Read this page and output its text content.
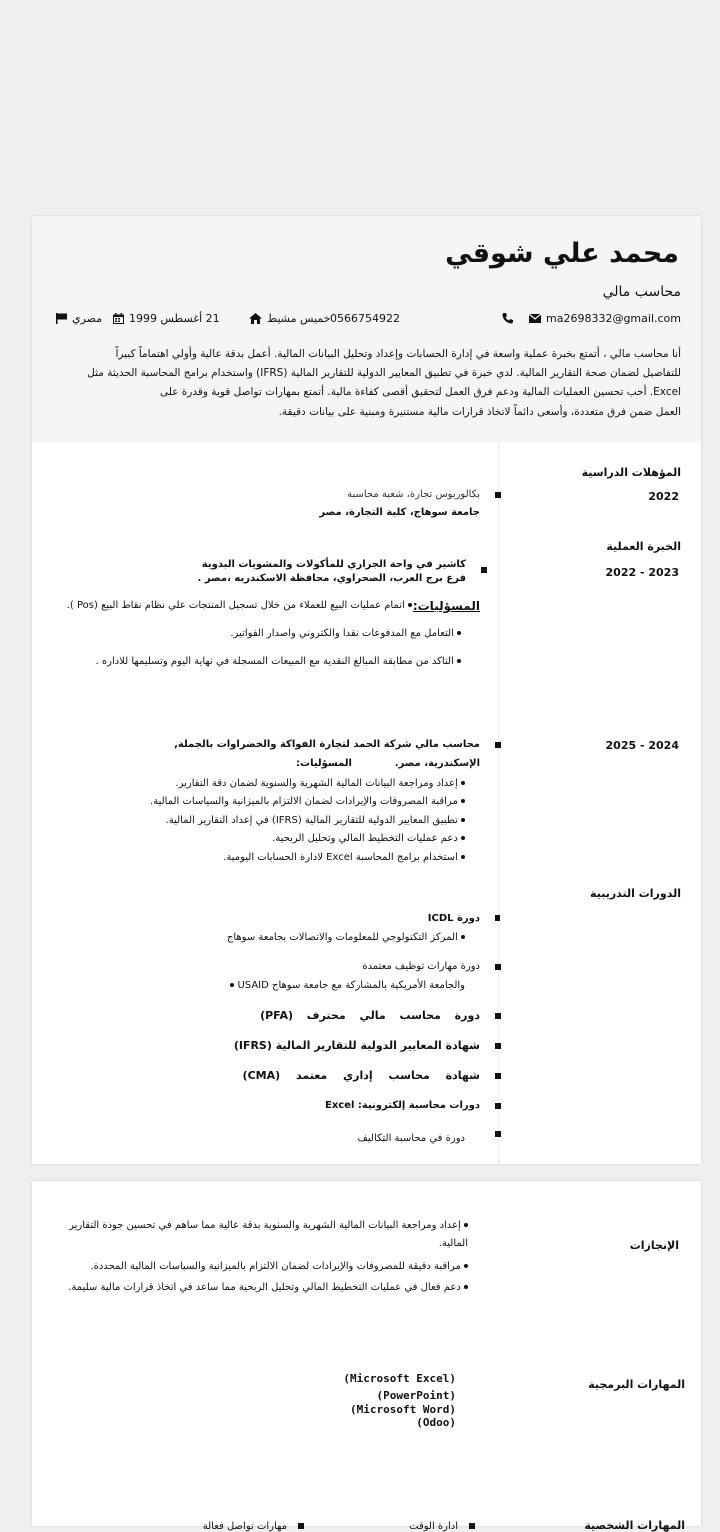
محمد علي شوقي
محاسب مالي
ma2698332@gmail.com
0566754922
خميس مشيط
21 أغسطس 1999
مصري
أنا محاسب مالي ، أتمتع بخبرة عملية واسعة في إدارة الحسابات وإعداد وتحليل البيانات المالية. أعمل بدقة عالية وأولي اهتماماً كبيراً
للتفاصيل لضمان صحة التقارير المالية. لدي خبرة في تطبيق المعايير الدولية للتقارير المالية (IFRS) واستخدام برامج المحاسبة الحديثة مثل
Excel. أحب تحسين العمليات المالية ودعم فرق العمل لتحقيق أقصى كفاءة مالية. أتمتع بمهارات تواصل قوية وقدرة على
العمل ضمن فرق متعددة، وأسعى دائماً لاتخاذ قرارات مالية مستنيرة ومبنية على بيانات دقيقة.
المؤهلات الدراسية
2022
بكالوريوس تجارة، شعبة محاسبة
جامعة سوهاج، كلية التجارة، مصر
الخبرة العملية
2022 - 2023
كاشير في واحة الجراري للمأكولات والمشويات البدوية
فرع برج العرب، الصحراوي، محافظة الاسكندريه ،مصر .
المسؤليات:
اتمام عمليات البيع للعملاء من خلال تسجيل المنتجات علي نظام نقاط البيع (Pos ).
التعامل مع المدفوعات نقدا والكتروني واصدار الفواتير.
التاكد من مطابقة المبالغ النقدية مع المبيعات المسجلة في نهاية اليوم وتسليمها للاداره .
2025 - 2024
محاسب مالي شركة الحمد لتجارة الفواكة والخضراوات بالجملة,
الإسكندرية، مصر.
المسؤليات:
إعداد ومراجعة البيانات المالية الشهرية والسنوية لضمان دقة التقارير.
مراقبة المصروفات والإيرادات لضمان الالتزام بالميزانية والسياسات المالية.
تطبيق المعايير الدولية للتقارير المالية (IFRS) في إعداد التقارير المالية.
دعم عمليات التخطيط المالي وتحليل الربحية.
استخدام برامج المحاسبة Excel لادارة الحسابات اليومية.
الدورات التدريبية
دورة ICDL
المركز التكنولوجي للمعلومات والاتصالات بجامعة سوهاج
دورة مهارات توظيف معتمدة
USAID والجامعة الأمريكية بالمشاركة مع جامعة سوهاج
دورة محاسب مالي محترف (PFA)
شهادة المعايير الدولية للتقارير المالية (IFRS)
شهادة محاسب إداري معتمد (CMA)
دورات محاسبة إلكترونية: Excel
دورة في محاسبة التكاليف
الإنجازات
إعداد ومراجعة البيانات المالية الشهرية والسنوية بدقة عالية مما ساهم في تحسين جودة التقارير المالية.
مراقبة دقيقة للمصروفات والإيرادات لضمان الالتزام بالميزانية والسياسات المالية المحددة.
دعم فعال في عمليات التخطيط المالي وتحليل الربحية مما ساعد في اتخاذ قرارات مالية سليمة.
المهارات البرمجية
(Microsoft Excel)
(PowerPoint)
(Microsoft Word)
(Odoo)
المهارات الشخصية
ادارة الوقت
مهارات تواصل فعالة
